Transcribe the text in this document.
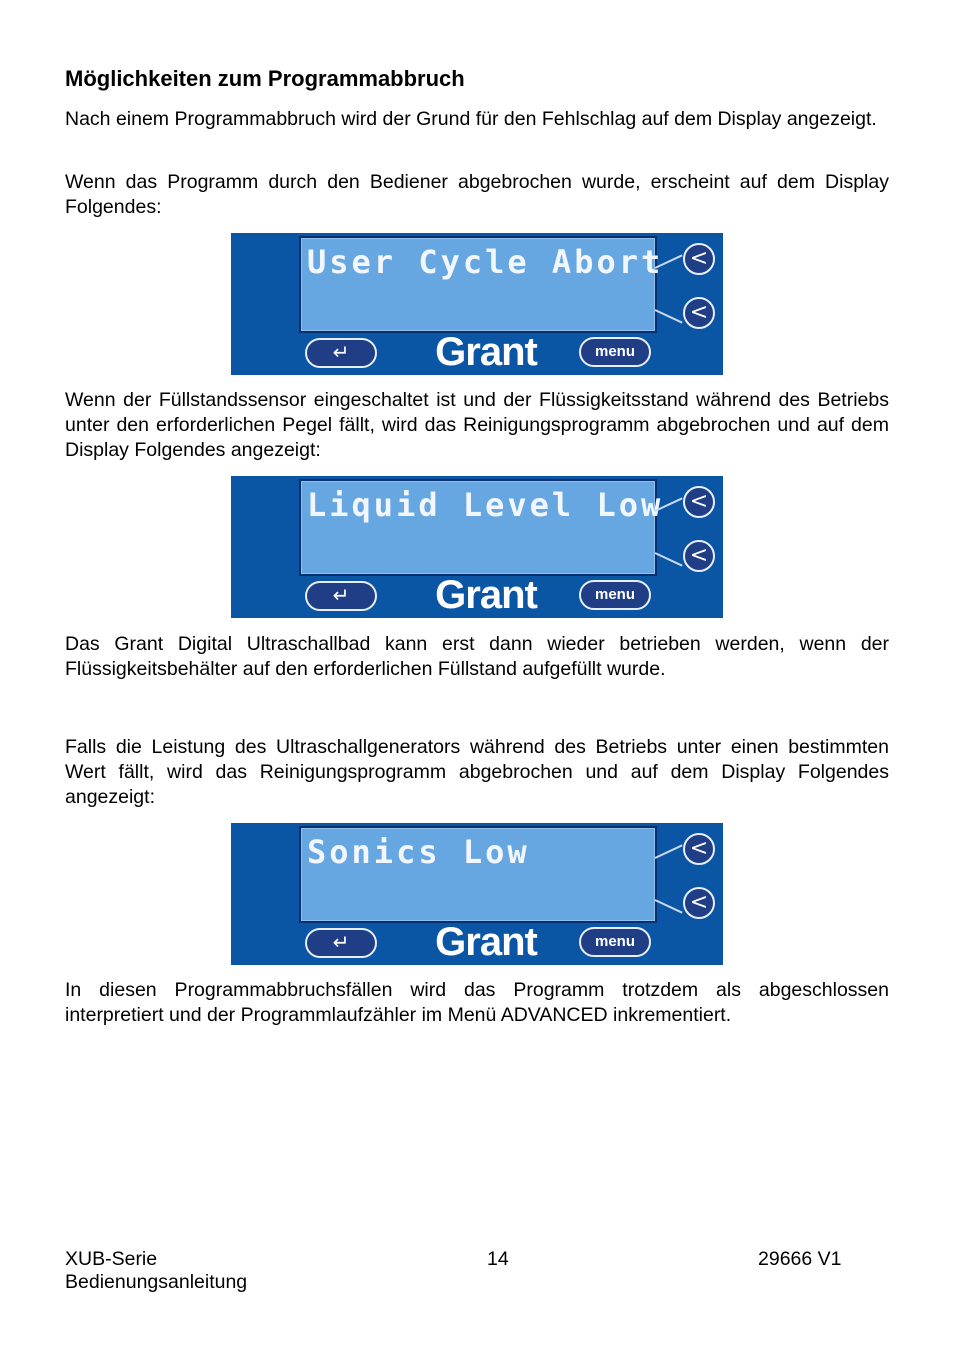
Möglichkeiten zum Programmabbruch

Nach einem Programmabbruch wird der Grund für den Fehlschlag auf dem Display angezeigt.

Wenn das Programm durch den Bediener abgebrochen wurde, erscheint auf dem Display Folgendes:

User Cycle Abort	<
<
↵	Grant	menu

Wenn der Füllstandssensor eingeschaltet ist und der Flüssigkeitsstand während des Betriebs unter den erforderlichen Pegel fällt, wird das Reinigungsprogramm abgebrochen und auf dem Display Folgendes angezeigt:

Liquid Level Low	<
<
↵	Grant	menu

Das Grant Digital Ultraschallbad kann erst dann wieder betrieben werden, wenn der Flüssigkeitsbehälter auf den erforderlichen Füllstand aufgefüllt wurde.

Falls die Leistung des Ultraschallgenerators während des Betriebs unter einen bestimmten Wert fällt, wird das Reinigungsprogramm abgebrochen und auf dem Display Folgendes angezeigt:

Sonics Low	<
<
↵	Grant	menu

In diesen Programmabbruchsfällen wird das Programm trotzdem als abgeschlossen interpretiert und der Programmlaufzähler im Menü ADVANCED inkrementiert.

XUB-Serie
Bedienungsanleitung
14	29666 V1
